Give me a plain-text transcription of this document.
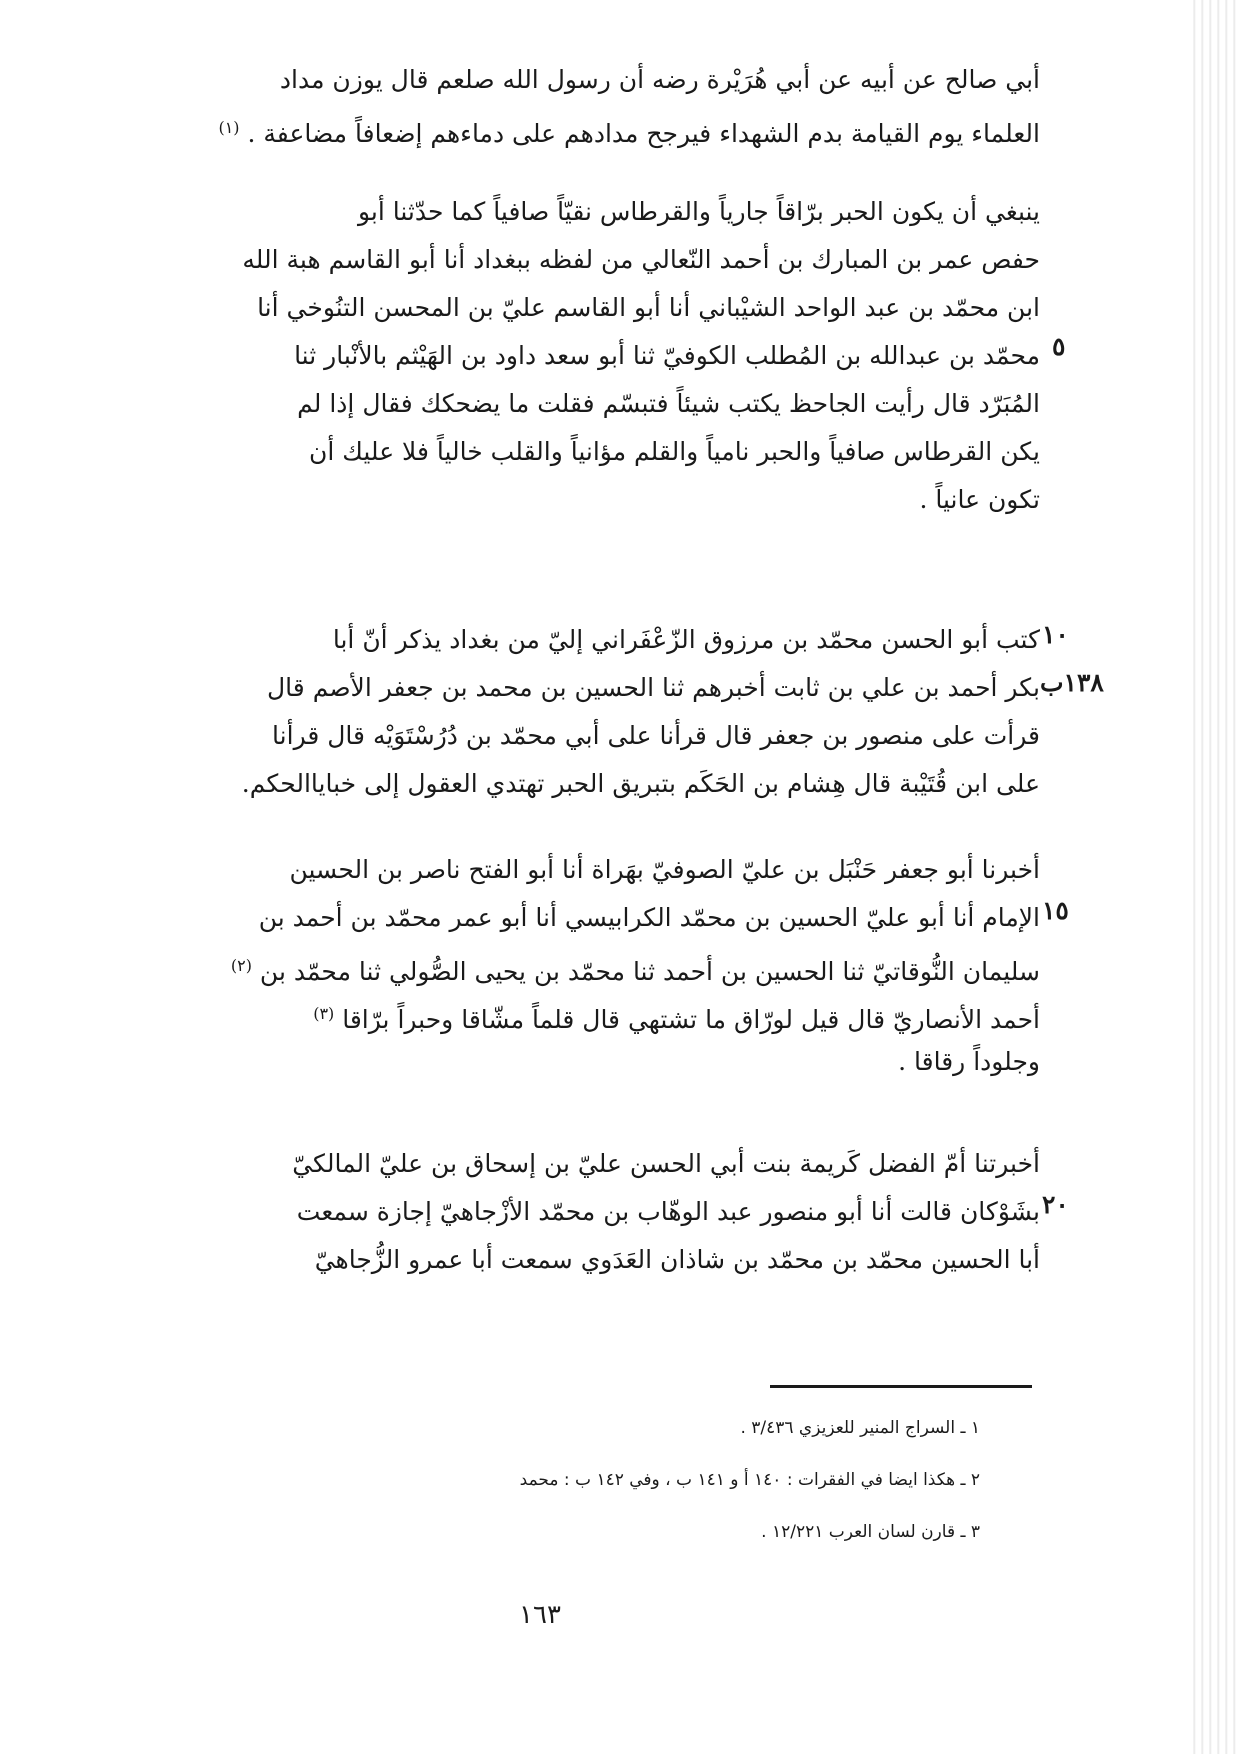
أبي صالح عن أبيه عن أبي هُرَيْرة رضه أن رسول الله صلعم قال يوزن مداد
العلماء يوم القيامة بدم الشهداء فيرجح مدادهم على دماءهم إضعافاً مضاعفة . $^{(١)}$
ينبغي أن يكون الحبر برّاقاً جارياً والقرطاس نقيّاً صافياً كما حدّثنا أبو
حفص عمر بن المبارك بن أحمد النّعالي من لفظه ببغداد أنا أبو القاسم هبة الله
ابن محمّد بن عبد الواحد الشيْباني أنا أبو القاسم عليّ بن المحسن التنُوخي أنا
محمّد بن عبدالله بن المُطلب الكوفيّ ثنا أبو سعد داود بن الهَيْثم بالأنْبار ثنا
المُبَرّد قال رأيت الجاحظ يكتب شيئاً فتبسّم فقلت ما يضحكك فقال إذا لم
يكن القرطاس صافياً والحبر نامياً والقلم مؤانياً والقلب خالياً فلا عليك أن
تكون عانياً .
كتب أبو الحسن محمّد بن مرزوق الزّعْفَراني إليّ من بغداد يذكر أنّ أبا
بكر أحمد بن علي بن ثابت أخبرهم ثنا الحسين بن محمد بن جعفر الأصم قال
قرأت على منصور بن جعفر قال قرأنا على أبي محمّد بن دُرُسْتَوَيْه قال قرأنا
على ابن قُتَيْبة قال هِشام بن الحَكَم بتبريق الحبر تهتدي العقول إلى خباياالحكم.
أخبرنا أبو جعفر حَنْبَل بن عليّ الصوفيّ بهَراة أنا أبو الفتح ناصر بن الحسين
الإمام أنا أبو عليّ الحسين بن محمّد الكرابيسي أنا أبو عمر محمّد بن أحمد بن
سليمان النُّوقاتيّ ثنا الحسين بن أحمد ثنا محمّد بن يحيى الصُّولي ثنا محمّد بن $^{(٢)}$
أحمد الأنصاريّ قال قيل لورّاق ما تشتهي قال قلماً مشّاقا وحبراً برّاقا $^{(٣)}$
وجلوداً رقاقا .
أخبرتنا أمّ الفضل كَريمة بنت أبي الحسن عليّ بن إسحاق بن عليّ المالكيّ
بشَوْكان قالت أنا أبو منصور عبد الوهّاب بن محمّد الأزْجاهيّ إجازة سمعت
أبا الحسين محمّد بن محمّد بن شاذان العَدَوي سمعت أبا عمرو الزُّجاهيّ
٥
١٠
١٣٨ب
١٥
٢٠
١ ـ السراج المنير للعزيزي ٣/٤٣٦ .
٢ ـ هكذا ايضا في الفقرات : ١٤٠ أ و ١٤١ ب ، وفي ١٤٢ ب : محمد
٣ ـ قارن لسان العرب ١٢/٢٢١ .
١٦٣
